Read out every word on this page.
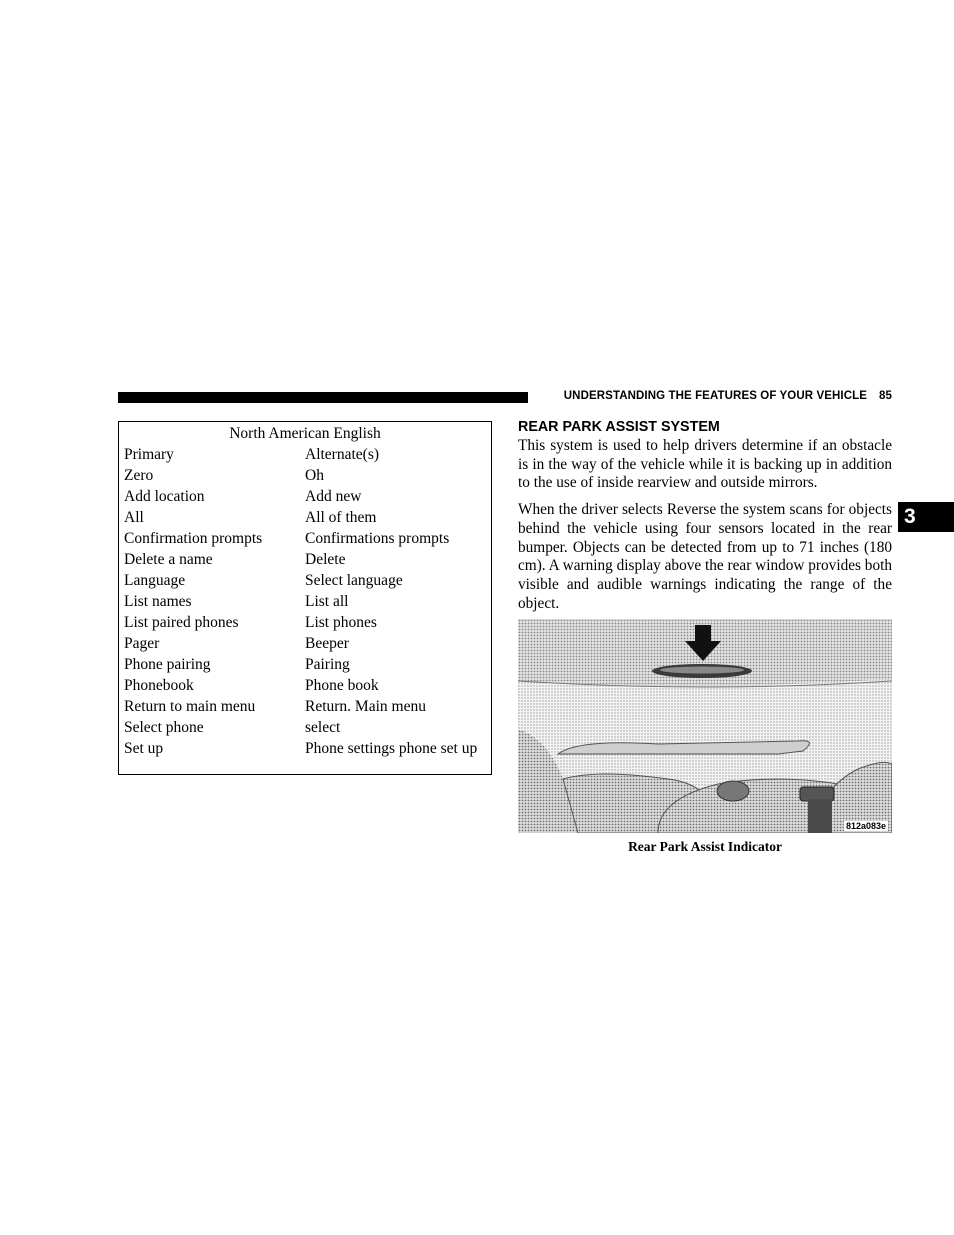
UNDERSTANDING THE FEATURES OF YOUR VEHICLE 85
3
North American English
Primary	Alternate(s)
Zero	Oh
Add location	Add new
All	All of them
Confirmation prompts	Confirmations prompts
Delete a name	Delete
Language	Select language
List names	List all
List paired phones	List phones
Pager	Beeper
Phone pairing	Pairing
Phonebook	Phone book
Return to main menu	Return. Main menu
Select phone	select
Set up	Phone settings phone set up
REAR PARK ASSIST SYSTEM

This system is used to help drivers determine if an obstacle is in the way of the vehicle while it is backing up in addition to the use of inside rearview and outside mirrors.

When the driver selects Reverse the system scans for objects behind the vehicle using four sensors located in the rear bumper. Objects can be detected from up to 71 inches (180 cm). A warning display above the rear window provides both visible and audible warnings indicating the range of the object.

812a083e
Rear Park Assist Indicator
